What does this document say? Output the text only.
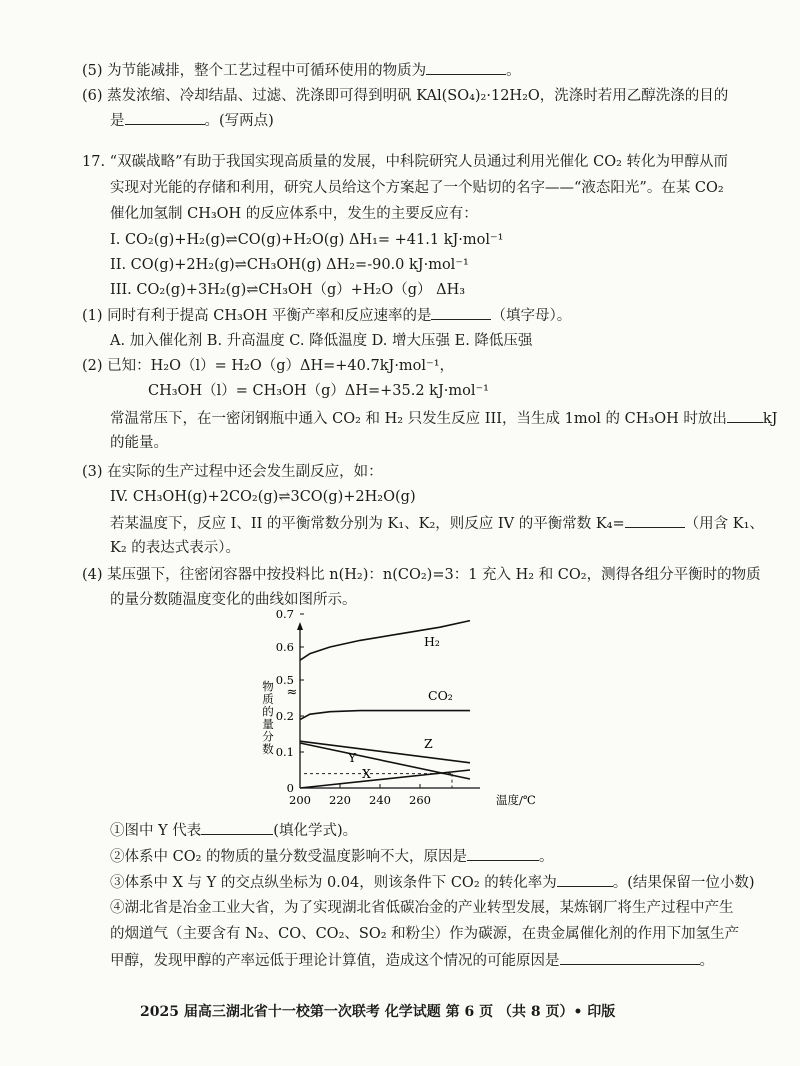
(5) 为节能减排，整个工艺过程中可循环使用的物质为	。
(6) 蒸发浓缩、冷却结晶、过滤、洗涤即可得到明矾 KAl(SO₄)₂·12H₂O，洗涤时若用乙醇洗涤的目的
是	。(写两点)
17. “双碳战略”有助于我国实现高质量的发展，中科院研究人员通过利用光催化 CO₂ 转化为甲醇从而
实现对光能的存储和利用，研究人员给这个方案起了一个贴切的名字——“液态阳光”。在某 CO₂
催化加氢制 CH₃OH 的反应体系中，发生的主要反应有：
I. CO₂(g)+H₂(g)⇌CO(g)+H₂O(g) ΔH₁= +41.1 kJ·mol⁻¹
II. CO(g)+2H₂(g)⇌CH₃OH(g) ΔH₂=-90.0 kJ·mol⁻¹
III. CO₂(g)+3H₂(g)⇌CH₃OH（g）+H₂O（g） ΔH₃
(1) 同时有利于提高 CH₃OH 平衡产率和反应速率的是	（填字母）。
A. 加入催化剂 B. 升高温度 C. 降低温度 D. 增大压强 E. 降低压强
(2) 已知：H₂O（l）= H₂O（g）ΔH=+40.7kJ·mol⁻¹，
CH₃OH（l）= CH₃OH（g）ΔH=+35.2 kJ·mol⁻¹
常温常压下，在一密闭钢瓶中通入 CO₂ 和 H₂ 只发生反应 III，当生成 1mol 的 CH₃OH 时放出 kJ
的能量。
(3) 在实际的生产过程中还会发生副反应，如：
IV. CH₃OH(g)+2CO₂(g)⇌3CO(g)+2H₂O(g)
若某温度下，反应 I、II 的平衡常数分别为 K₁、K₂，则反应 IV 的平衡常数 K₄=	（用含 K₁、
K₂ 的表达式表示）。
(4) 某压强下，往密闭容器中按投料比 n(H₂)：n(CO₂)=3：1 充入 H₂ 和 CO₂，测得各组分平衡时的物质
的量分数随温度变化的曲线如图所示。
≈
物质的量分数
温度/℃
0
0.1
0.2
0.5
0.6
0.7
200 220 240 260
H₂
CO₂
Z
Y
X
①图中 Y 代表	(填化学式)。
②体系中 CO₂ 的物质的量分数受温度影响不大，原因是	。
③体系中 X 与 Y 的交点纵坐标为 0.04，则该条件下 CO₂ 的转化率为	。(结果保留一位小数)
④湖北省是冶金工业大省，为了实现湖北省低碳冶金的产业转型发展，某炼钢厂将生产过程中产生
的烟道气（主要含有 N₂、CO、CO₂、SO₂ 和粉尘）作为碳源，在贵金属催化剂的作用下加氢生产
甲醇，发现甲醇的产率远低于理论计算值，造成这个情况的可能原因是	。
2025 届高三湖北省十一校第一次联考 化学试题 第 6 页 （共 8 页）• 印版
